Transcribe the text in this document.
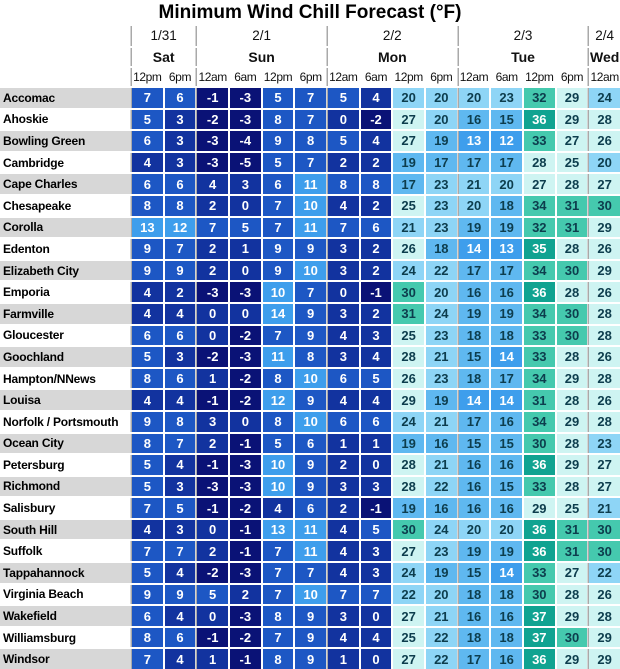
Minimum Wind Chill Forecast (°F)
1/31	2/1	2/2	2/3	2/4
Sat	Sun	Mon	Tue	Wed
12pm 6pm 12am 6am 12pm 6pm 12am 6am 12pm 6pm 12am 6am 12pm 6pm 12am
Accomac	7	6	-1	-3	5	7	5	4	20	20	20	23	32	29	24
Ahoskie	5	3	-2	-3	8	7	0	-2	27	20	16	15	36	29	28
Bowling Green	6	3	-3	-4	9	8	5	4	27	19	13	12	33	27	26
Cambridge	4	3	-3	-5	5	7	2	2	19	17	17	17	28	25	20
Cape Charles	6	6	4	3	6	11	8	8	17	23	21	20	27	28	27
Chesapeake	8	8	2	0	7	10	4	2	25	23	20	18	34	31	30
Corolla	13	12	7	5	7	11	7	6	21	23	19	19	32	31	29
Edenton	9	7	2	1	9	9	3	2	26	18	14	13	35	28	26
Elizabeth City	9	9	2	0	9	10	3	2	24	22	17	17	34	30	29
Emporia	4	2	-3	-3	10	7	0	-1	30	20	16	16	36	28	26
Farmville	4	4	0	0	14	9	3	2	31	24	19	19	34	30	28
Gloucester	6	6	0	-2	7	9	4	3	25	23	18	18	33	30	28
Goochland	5	3	-2	-3	11	8	3	4	28	21	15	14	33	28	26
Hampton/NNews	8	6	1	-2	8	10	6	5	26	23	18	17	34	29	28
Louisa	4	4	-1	-2	12	9	4	4	29	19	14	14	31	28	26
Norfolk / Portsmouth	9	8	3	0	8	10	6	6	24	21	17	16	34	29	28
Ocean City	8	7	2	-1	5	6	1	1	19	16	15	15	30	28	23
Petersburg	5	4	-1	-3	10	9	2	0	28	21	16	16	36	29	27
Richmond	5	3	-3	-3	10	9	3	3	28	22	16	15	33	28	27
Salisbury	7	5	-1	-2	4	6	2	-1	19	16	16	16	29	25	21
South Hill	4	3	0	-1	13	11	4	5	30	24	20	20	36	31	30
Suffolk	7	7	2	-1	7	11	4	3	27	23	19	19	36	31	30
Tappahannock	5	4	-2	-3	7	7	4	3	24	19	15	14	33	27	22
Virginia Beach	9	9	5	2	7	10	7	7	22	20	18	18	30	28	26
Wakefield	6	4	0	-3	8	9	3	0	27	21	16	16	37	29	28
Williamsburg	8	6	-1	-2	7	9	4	4	25	22	18	18	37	30	29
Windsor	7	4	1	-1	8	9	1	0	27	22	17	16	36	29	29
